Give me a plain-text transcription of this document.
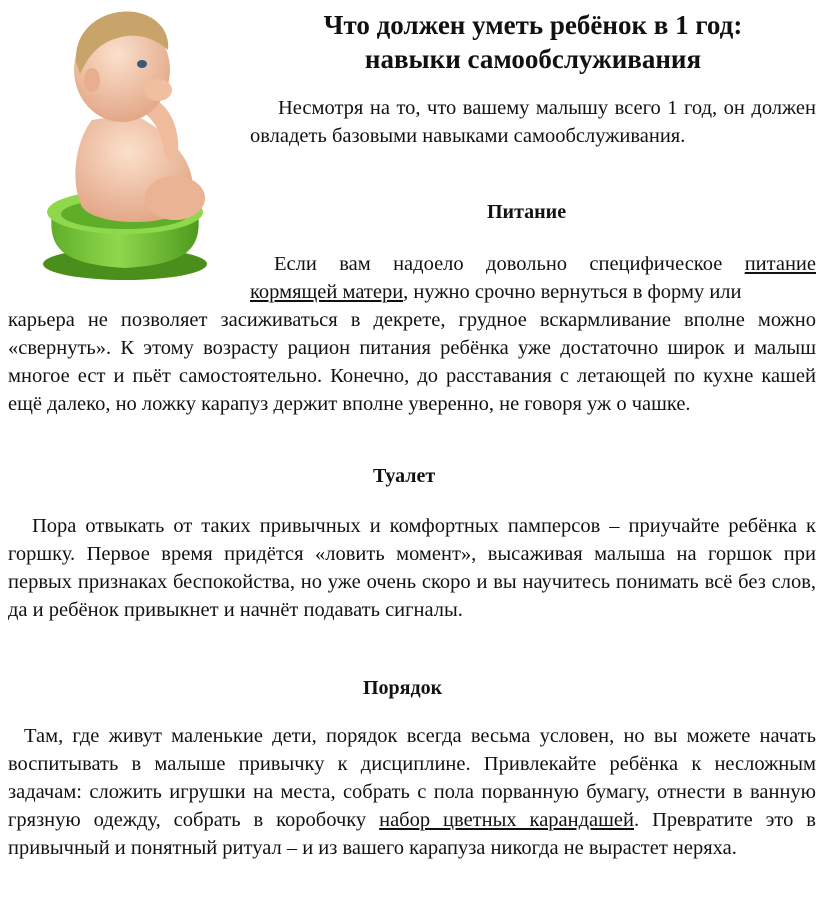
Что должен уметь ребёнок в 1 год:
навыки самообслуживания

Несмотря на то, что вашему малышу всего 1 год, он должен овладеть базовыми навыками самообслуживания.

Питание

Если вам надоело довольно специфическое питание кормящей матери, нужно срочно вернуться в форму или

карьера не позволяет засиживаться в декрете, грудное вскармливание вполне можно «свернуть». К этому возрасту рацион питания ребёнка уже достаточно широк и малыш многое ест и пьёт самостоятельно. Конечно, до расставания с летающей по кухне кашей ещё далеко, но ложку карапуз держит вполне уверенно, не говоря уж о чашке.

Туалет

Пора отвыкать от таких привычных и комфортных памперсов – приучайте ребёнка к горшку. Первое время придётся «ловить момент», высаживая малыша на горшок при первых признаках беспокойства, но уже очень скоро и вы научитесь понимать всё без слов, да и ребёнок привыкнет и начнёт подавать сигналы.

Порядок

Там, где живут маленькие дети, порядок всегда весьма условен, но вы можете начать воспитывать в малыше привычку к дисциплине. Привлекайте ребёнка к несложным задачам: сложить игрушки на места, собрать с пола порванную бумагу, отнести в ванную грязную одежду, собрать в коробочку набор цветных карандашей. Превратите это в привычный и понятный ритуал – и из вашего карапуза никогда не вырастет неряха.
